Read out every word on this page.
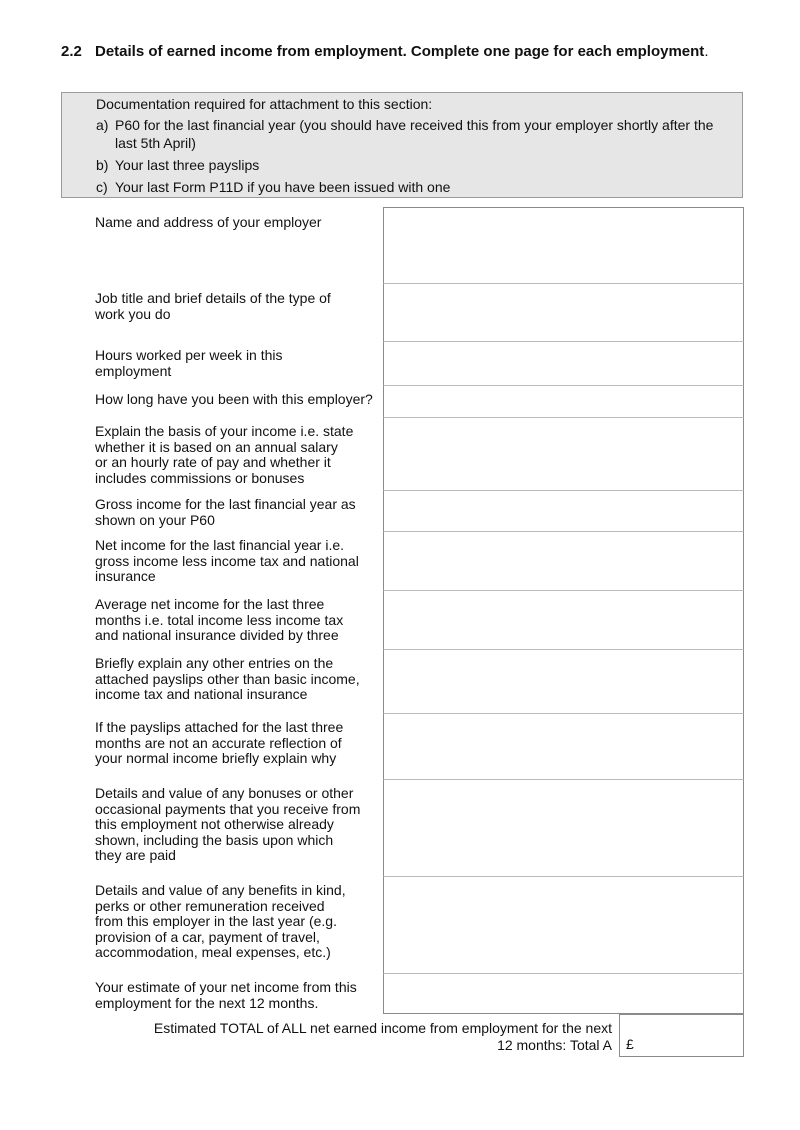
2.2 Details of earned income from employment. Complete one page for each employment.
Documentation required for attachment to this section:
a) P60 for the last financial year (you should have received this from your employer shortly after the last 5th April)
b) Your last three payslips
c) Your last Form P11D if you have been issued with one
Name and address of your employer
Job title and brief details of the type of
work you do
Hours worked per week in this
employment
How long have you been with this employer?
Explain the basis of your income i.e. state
whether it is based on an annual salary
or an hourly rate of pay and whether it
includes commissions or bonuses
Gross income for the last financial year as
shown on your P60
Net income for the last financial year i.e.
gross income less income tax and national
insurance
Average net income for the last three
months i.e. total income less income tax
and national insurance divided by three
Briefly explain any other entries on the
attached payslips other than basic income,
income tax and national insurance
If the payslips attached for the last three
months are not an accurate reflection of
your normal income briefly explain why
Details and value of any bonuses or other
occasional payments that you receive from
this employment not otherwise already
shown, including the basis upon which
they are paid
Details and value of any benefits in kind,
perks or other remuneration received
from this employer in the last year (e.g.
provision of a car, payment of travel,
accommodation, meal expenses, etc.)
Your estimate of your net income from this
employment for the next 12 months.
Estimated TOTAL of ALL net earned income from employment for the next
12 months: Total A	£
